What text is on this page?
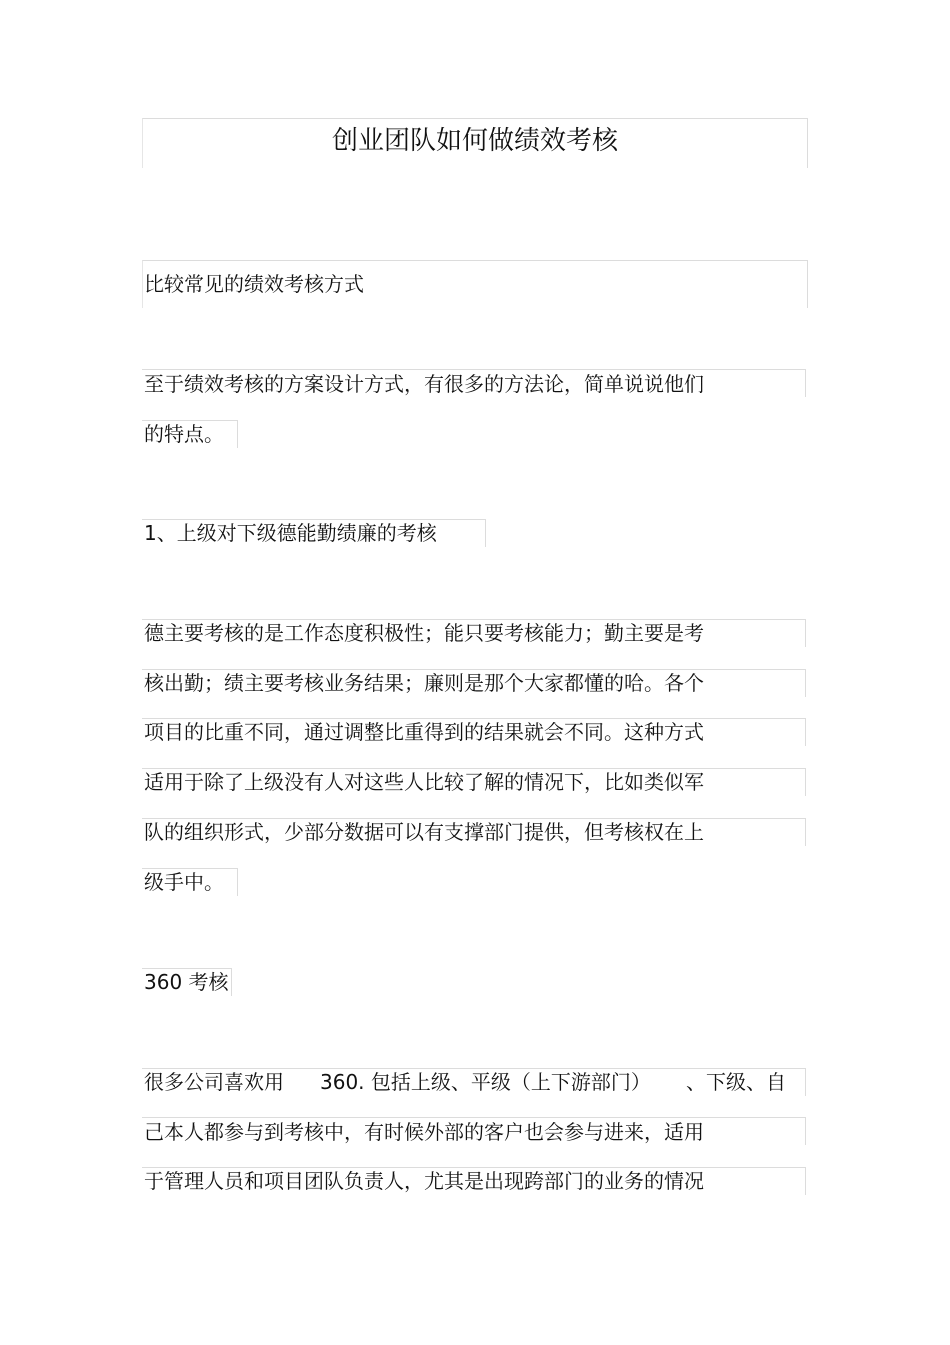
创业团队如何做绩效考核
比较常见的绩效考核方式
至于绩效考核的方案设计方式，有很多的方法论，简单说说他们
的特点。
1、上级对下级德能勤绩廉的考核
德主要考核的是工作态度积极性；能只要考核能力；勤主要是考
核出勤；绩主要考核业务结果；廉则是那个大家都懂的哈。各个
项目的比重不同，通过调整比重得到的结果就会不同。这种方式
适用于除了上级没有人对这些人比较了解的情况下，比如类似军
队的组织形式，少部分数据可以有支撑部门提供，但考核权在上
级手中。
360 考核
很多公司喜欢用 360. 包括上级、平级（上下游部门） 、下级、自
己本人都参与到考核中，有时候外部的客户也会参与进来，适用
于管理人员和项目团队负责人，尤其是出现跨部门的业务的情况
